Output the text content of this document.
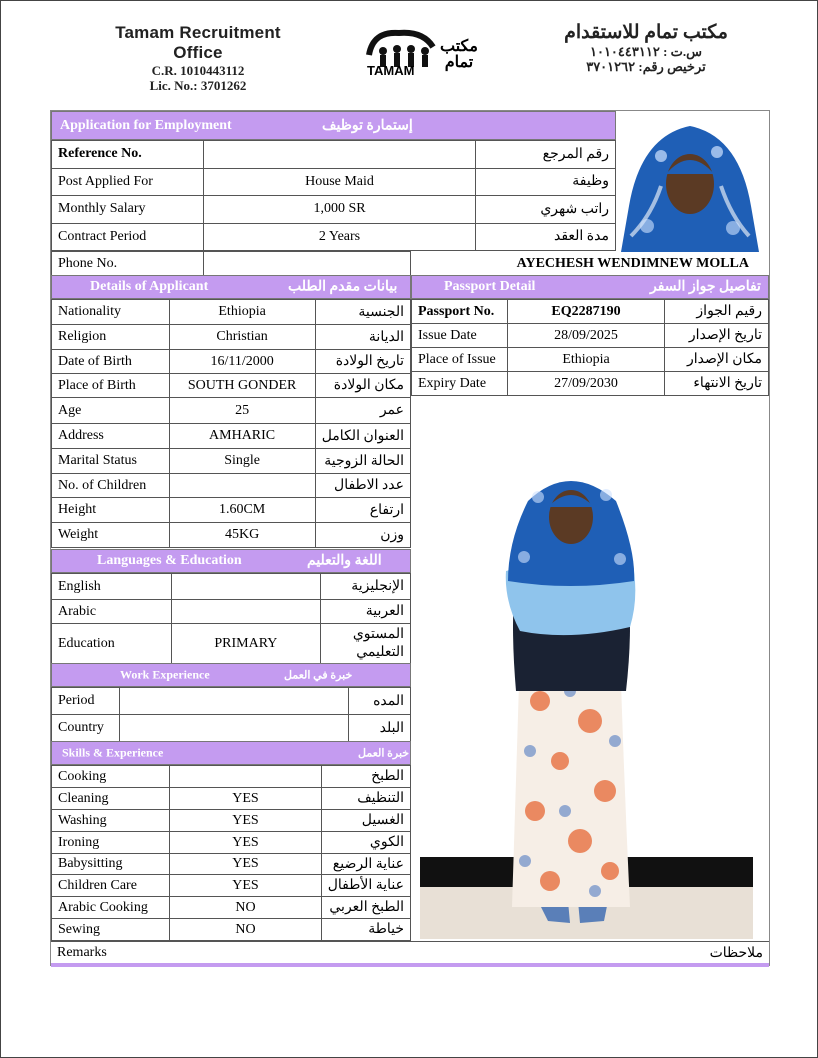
Tamam Recruitment Office
C.R. 1010443112
Lic. No.: 3701262
TAMAM
مكتب تمام
مكتب تمام للاستقدام
س.ت : ١٠١٠٤٤٣١١٢
ترخيص رقم: ٣٧٠١٢٦٢
Application for Employment	إستمارة توظيف
Reference No.		رقم المرجع
Post Applied For	House Maid	وظيفة
Monthly Salary	1,000 SR	راتب شهري
Contract Period	2 Years	مدة العقد
Phone No.		AYECHESH WENDIMNEW MOLLA
Details of Applicant	بيانات مقدم الطلب
Nationality	Ethiopia	الجنسية
Religion	Christian	الديانة
Date of Birth	16/11/2000	تاريخ الولادة
Place of Birth	SOUTH GONDER	مكان الولادة
Age	25	عمر
Address	AMHARIC	العنوان الكامل
Marital Status	Single	الحالة الزوجية
No. of Children		عدد الاطفال
Height	1.60CM	ارتفاع
Weight	45KG	وزن
Passport Detail	تفاصيل جواز السفر
Passport No.	EQ2287190	رقيم الجواز
Issue Date	28/09/2025	تاريخ الإصدار
Place of Issue	Ethiopia	مكان الإصدار
Expiry Date	27/09/2030	تاريخ الانتهاء
Languages & Education	اللغة والتعليم
English		الإنجليزية
Arabic		العربية
Education	PRIMARY	المستوي التعليمي
Work Experience	خبرة في العمل
Period		المده
Country		البلد
Skills & Experience	خبرة العمل
Cooking		الطبخ
Cleaning	YES	التنظيف
Washing	YES	الغسيل
Ironing	YES	الكوي
Babysitting	YES	عناية الرضيع
Children Care	YES	عناية الأطفال
Arabic Cooking	NO	الطبخ العربي
Sewing	NO	خياطة
Remarks	ملاحظات
